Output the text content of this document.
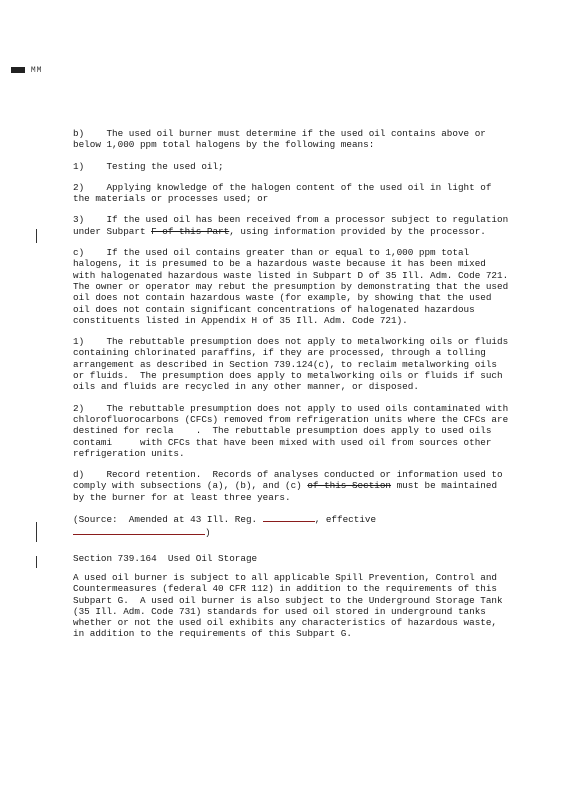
MM

b)    The used oil burner must determine if the used oil contains above or below 1,000 ppm total halogens by the following means:

1)    Testing the used oil;

2)    Applying knowledge of the halogen content of the used oil in light of the materials or processes used; or

3)    If the used oil has been received from a processor subject to regulation under Subpart F of this Part, using information provided by the processor.

c)    If the used oil contains greater than or equal to 1,000 ppm total halogens, it is presumed to be a hazardous waste because it has been mixed with halogenated hazardous waste listed in Subpart D of 35 Ill. Adm. Code 721.  The owner or operator may rebut the presumption by demonstrating that the used oil does not contain hazardous waste (for example, by showing that the used oil does not contain significant concentrations of halogenated hazardous constituents listed in Appendix H of 35 Ill. Adm. Code 721).

1)    The rebuttable presumption does not apply to metalworking oils or fluids containing chlorinated paraffins, if they are processed, through a tolling arrangement as described in Section 739.124(c), to reclaim metalworking oils or fluids.  The presumption does apply to metalworking oils or fluids if such oils and fluids are recycled in any other manner, or disposed.

2)    The rebuttable presumption does not apply to used oils contaminated with chlorofluorocarbons (CFCs) removed from refrigeration units where the CFCs are destined for recla    .  The rebuttable presumption does apply to used oils contami     with CFCs that have been mixed with used oil from sources other       refrigeration units.

d)    Record retention.  Records of analyses conducted or information used to comply with subsections (a), (b), and (c) of this Section must be maintained by the burner for at least three years.

(Source:  Amended at 43 Ill. Reg.	, effective
)

Section 739.164  Used Oil Storage

A used oil burner is subject to all applicable Spill Prevention, Control and Countermeasures (federal 40 CFR 112) in addition to the requirements of this Subpart G.  A used oil burner is also subject to the Underground Storage Tank (35 Ill. Adm. Code 731) standards for used oil stored in underground tanks whether or not the used oil exhibits any characteristics of hazardous waste, in addition to the requirements of this Subpart G.
